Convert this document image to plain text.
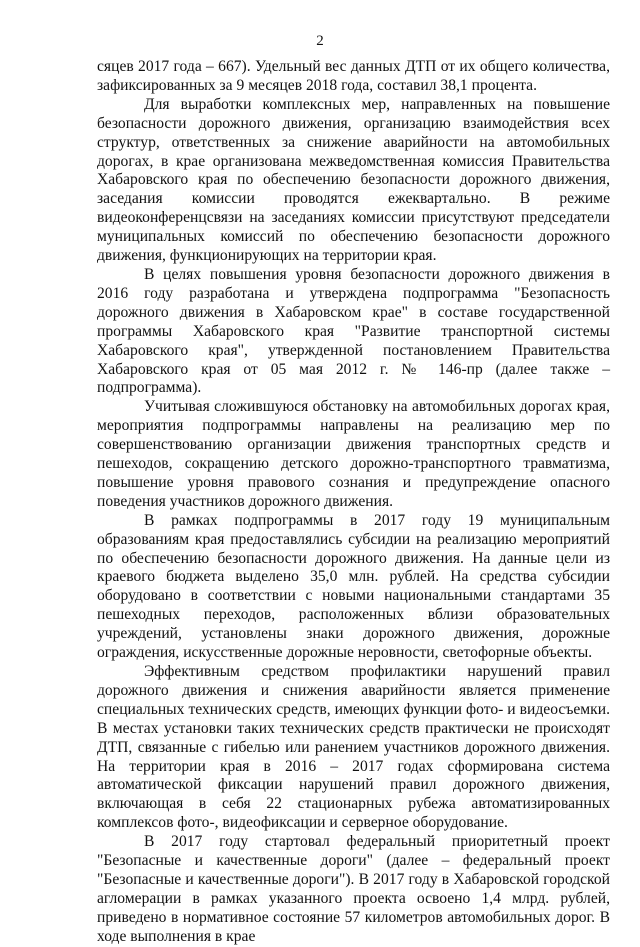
2

сяцев 2017 года – 667). Удельный вес данных ДТП от их общего количества, зафиксированных за 9 месяцев 2018 года, составил 38,1 процента.

Для выработки комплексных мер, направленных на повышение безопасности дорожного движения, организацию взаимодействия всех структур, ответственных за снижение аварийности на автомобильных дорогах, в крае организована межведомственная комиссия Правительства Хабаровского края по обеспечению безопасности дорожного движения, заседания комиссии проводятся ежеквартально. В режиме видеоконференцсвязи на заседаниях комиссии присутствуют председатели муниципальных комиссий по обеспечению безопасности дорожного движения, функционирующих на территории края.

В целях повышения уровня безопасности дорожного движения в 2016 году разработана и утверждена подпрограмма "Безопасность дорожного движения в Хабаровском крае" в составе государственной программы Хабаровского края "Развитие транспортной системы Хабаровского края", утвержденной постановлением Правительства Хабаровского края от 05 мая 2012 г. № 146-пр (далее также – подпрограмма).

Учитывая сложившуюся обстановку на автомобильных дорогах края, мероприятия подпрограммы направлены на реализацию мер по совершенствованию организации движения транспортных средств и пешеходов, сокращению детского дорожно-транспортного травматизма, повышение уровня правового сознания и предупреждение опасного поведения участников дорожного движения.

В рамках подпрограммы в 2017 году 19 муниципальным образованиям края предоставлялись субсидии на реализацию мероприятий по обеспечению безопасности дорожного движения. На данные цели из краевого бюджета выделено 35,0 млн. рублей. На средства субсидии оборудовано в соответствии с новыми национальными стандартами 35 пешеходных переходов, расположенных вблизи образовательных учреждений, установлены знаки дорожного движения, дорожные ограждения, искусственные дорожные неровности, светофорные объекты.

Эффективным средством профилактики нарушений правил дорожного движения и снижения аварийности является применение специальных технических средств, имеющих функции фото- и видеосъемки. В местах установки таких технических средств практически не происходят ДТП, связанные с гибелью или ранением участников дорожного движения. На территории края в 2016 – 2017 годах сформирована система автоматической фиксации нарушений правил дорожного движения, включающая в себя 22 стационарных рубежа автоматизированных комплексов фото-, видеофиксации и серверное оборудование.

В 2017 году стартовал федеральный приоритетный проект "Безопасные и качественные дороги" (далее – федеральный проект "Безопасные и качественные дороги"). В 2017 году в Хабаровской городской агломерации в рамках указанного проекта освоено 1,4 млрд. рублей, приведено в нормативное состояние 57 километров автомобильных дорог. В ходе выполнения в крае
